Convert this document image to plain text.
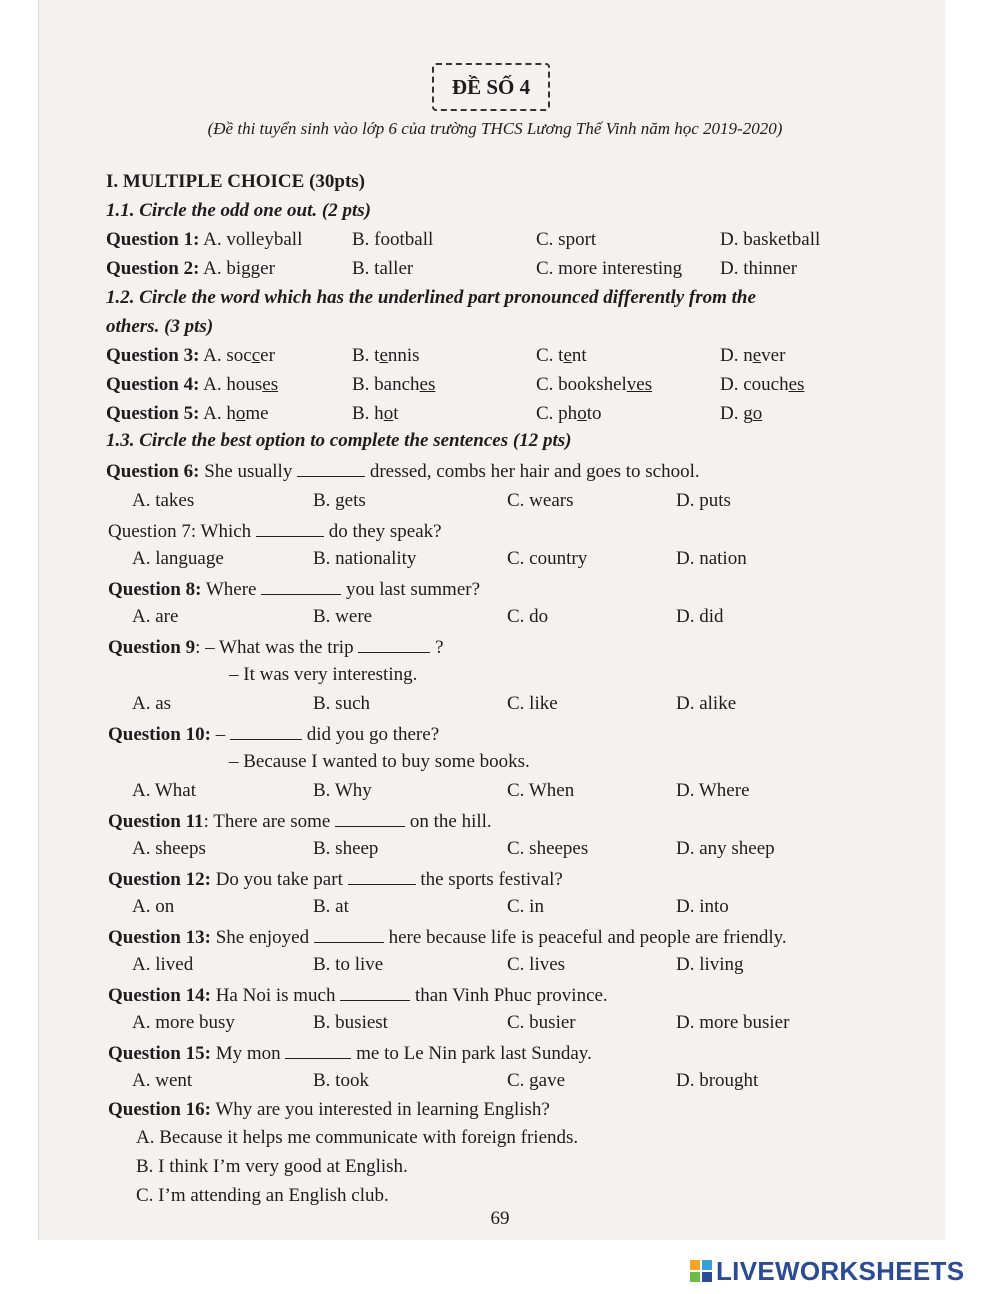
ĐỀ SỐ 4
(Đề thi tuyển sinh vào lớp 6 của trường THCS Lương Thế Vinh năm học 2019-2020)
I. MULTIPLE CHOICE (30pts)
1.1. Circle the odd one out. (2 pts)
Question 1: A. volleyball	B. football	C. sport	D. basketball
Question 2: A. bigger	B. taller	C. more interesting D. thinner
1.2. Circle the word which has the underlined part pronounced differently from the
others. (3 pts)
Question 3: A. soccer	B. tennis	C. tent	D. never
Question 4: A. houses	B. banches	C. bookshelves	D. couches
Question 5: A. home	B. hot	C. photo	D. go
1.3. Circle the best option to complete the sentences (12 pts)
Question 6: She usually	dressed, combs her hair and goes to school.
A. takes	B. gets	C. wears	D. puts
Question 7: Which	do they speak?
A. language	B. nationality	C. country	D. nation
Question 8: Where	you last summer?
A. are	B. were	C. do	D. did
Question 9: – What was the trip	?
– It was very interesting.
A. as	B. such	C. like	D. alike
Question 10: –	did you go there?
– Because I wanted to buy some books.
A. What	B. Why	C. When	D. Where
Question 11: There are some	on the hill.
A. sheeps	B. sheep	C. sheepes	D. any sheep
Question 12: Do you take part	the sports festival?
A. on	B. at	C. in	D. into
Question 13: She enjoyed	here because life is peaceful and people are friendly.
A. lived	B. to live	C. lives	D. living
Question 14: Ha Noi is much	than Vinh Phuc province.
A. more busy	B. busiest	C. busier	D. more busier
Question 15: My mon	me to Le Nin park last Sunday.
A. went	B. took	C. gave	D. brought
Question 16: Why are you interested in learning English?
A. Because it helps me communicate with foreign friends.
B. I think I’m very good at English.
C. I’m attending an English club.
69
LIVEWORKSHEETS
